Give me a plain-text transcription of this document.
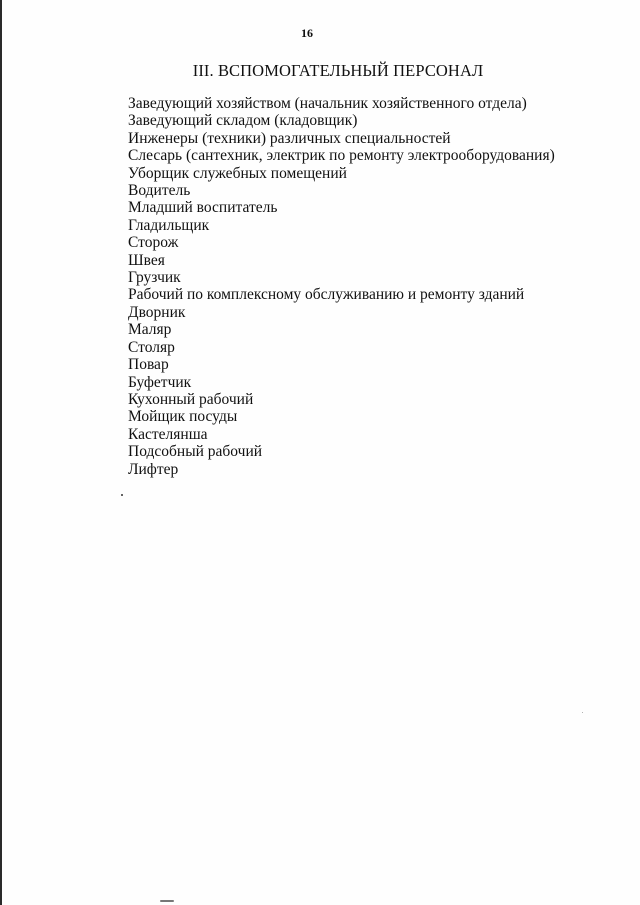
16
III. ВСПОМОГАТЕЛЬНЫЙ ПЕРСОНАЛ
Заведующий хозяйством (начальник хозяйственного отдела)
Заведующий складом (кладовщик)
Инженеры (техники) различных специальностей
Слесарь (сантехник, электрик по ремонту электрооборудования)
Уборщик служебных помещений
Водитель
Младший воспитатель
Гладильщик
Сторож
Швея
Грузчик
Рабочий по комплексному обслуживанию и ремонту зданий
Дворник
Маляр
Столяр
Повар
Буфетчик
Кухонный рабочий
Мойщик посуды
Кастелянша
Подсобный рабочий
Лифтер
